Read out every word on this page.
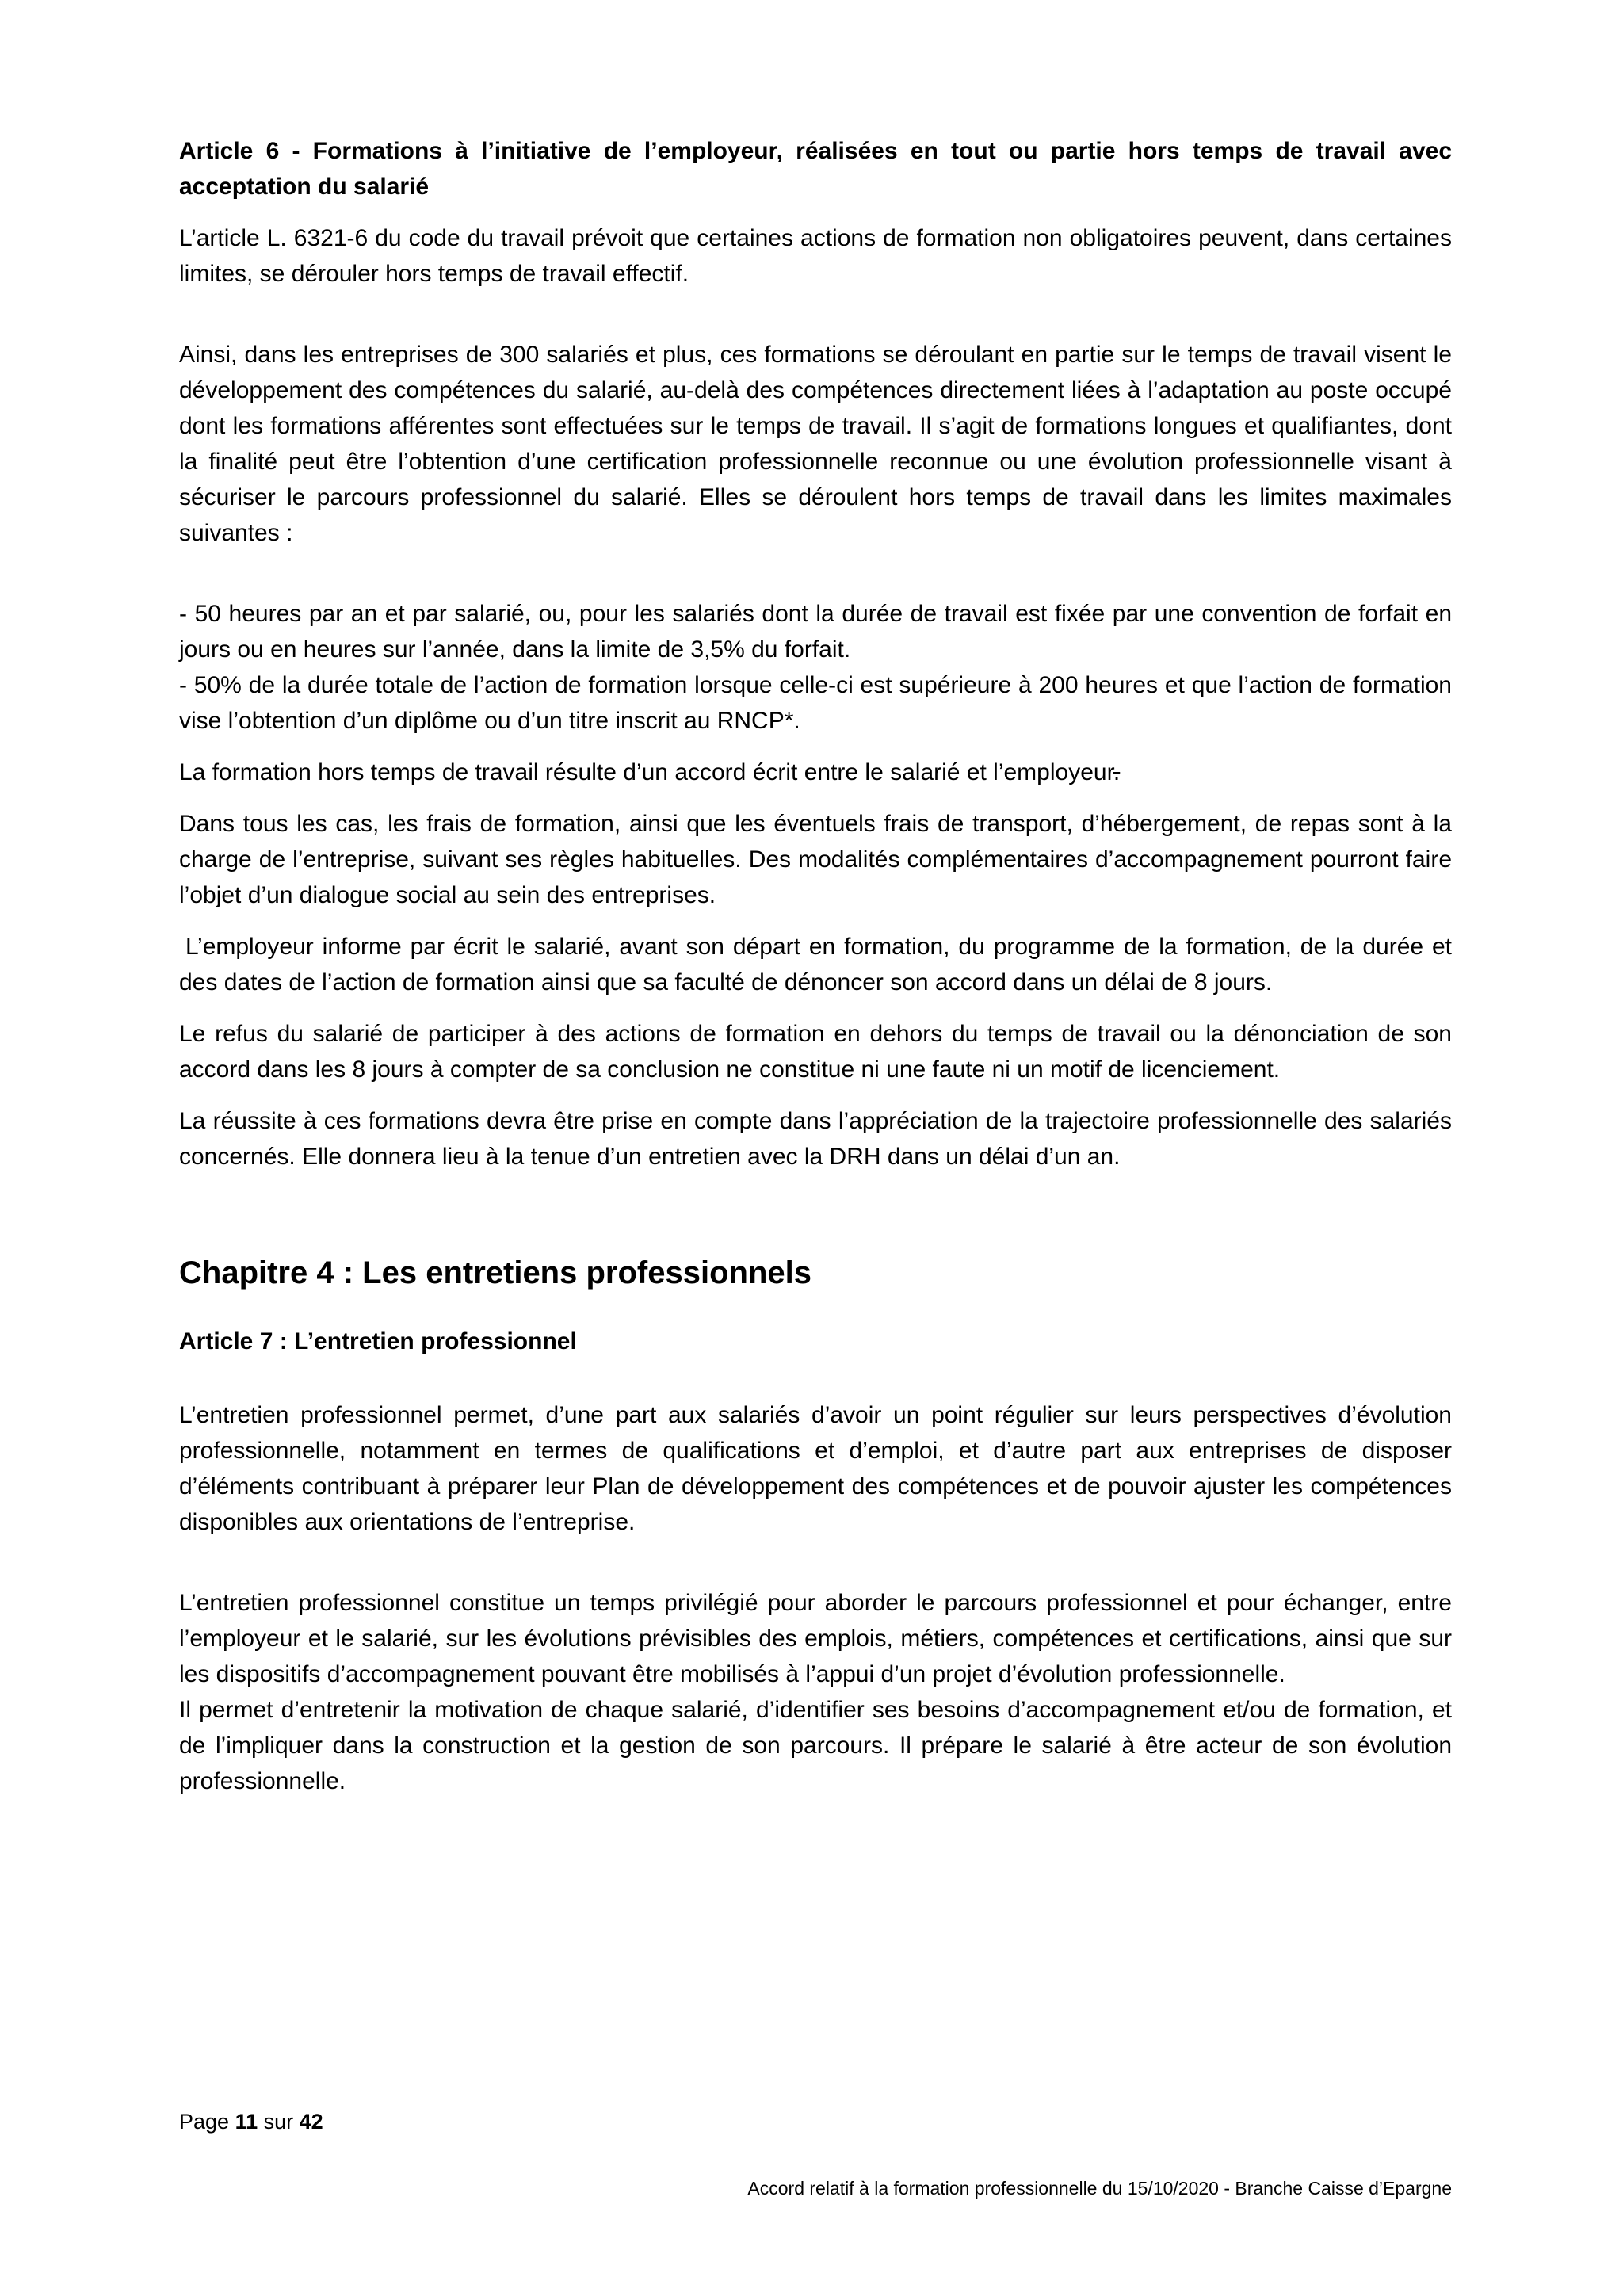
Article 6 - Formations à l’initiative de l’employeur, réalisées en tout ou partie hors temps de travail avec acceptation du salarié

L’article L. 6321-6 du code du travail prévoit que certaines actions de formation non obligatoires peuvent, dans certaines limites, se dérouler hors temps de travail effectif.

Ainsi, dans les entreprises de 300 salariés et plus, ces formations se déroulant en partie sur le temps de travail visent le développement des compétences du salarié, au-delà des compétences directement liées à l’adaptation au poste occupé dont les formations afférentes sont effectuées sur le temps de travail. Il s’agit de formations longues et qualifiantes, dont la finalité peut être l’obtention d’une certification professionnelle reconnue ou une évolution professionnelle visant à sécuriser le parcours professionnel du salarié. Elles se déroulent hors temps de travail dans les limites maximales suivantes :

- 50 heures par an et par salarié, ou, pour les salariés dont la durée de travail est fixée par une convention de forfait en jours ou en heures sur l’année, dans la limite de 3,5% du forfait.

- 50% de la durée totale de l’action de formation lorsque celle-ci est supérieure à 200 heures et que l’action de formation vise l’obtention d’un diplôme ou d’un titre inscrit au RNCP*.

La formation hors temps de travail résulte d’un accord écrit entre le salarié et l’employeur.

Dans tous les cas, les frais de formation, ainsi que les éventuels frais de transport, d’hébergement, de repas sont à la charge de l’entreprise, suivant ses règles habituelles. Des modalités complémentaires d’accompagnement pourront faire l’objet d’un dialogue social au sein des entreprises.

L’employeur informe par écrit le salarié, avant son départ en formation, du programme de la formation, de la durée et des dates de l’action de formation ainsi que sa faculté de dénoncer son accord dans un délai de 8 jours.

Le refus du salarié de participer à des actions de formation en dehors du temps de travail ou la dénonciation de son accord dans les 8 jours à compter de sa conclusion ne constitue ni une faute ni un motif de licenciement.

La réussite à ces formations devra être prise en compte dans l’appréciation de la trajectoire professionnelle des salariés concernés. Elle donnera lieu à la tenue d’un entretien avec la DRH dans un délai d’un an.

Chapitre 4 : Les entretiens professionnels
Article 7 : L’entretien professionnel

L’entretien professionnel permet, d’une part aux salariés d’avoir un point régulier sur leurs perspectives d’évolution professionnelle, notamment en termes de qualifications et d’emploi, et d’autre part aux entreprises de disposer d’éléments contribuant à préparer leur Plan de développement des compétences et de pouvoir ajuster les compétences disponibles aux orientations de l’entreprise.

L’entretien professionnel constitue un temps privilégié pour aborder le parcours professionnel et pour échanger, entre l’employeur et le salarié, sur les évolutions prévisibles des emplois, métiers, compétences et certifications, ainsi que sur les dispositifs d’accompagnement pouvant être mobilisés à l’appui d’un projet d’évolution professionnelle.

Il permet d’entretenir la motivation de chaque salarié, d’identifier ses besoins d’accompagnement et/ou de formation, et de l’impliquer dans la construction et la gestion de son parcours. Il prépare le salarié à être acteur de son évolution professionnelle.

Page 11 sur 42
Accord relatif à la formation professionnelle du 15/10/2020 - Branche Caisse d’Epargne
